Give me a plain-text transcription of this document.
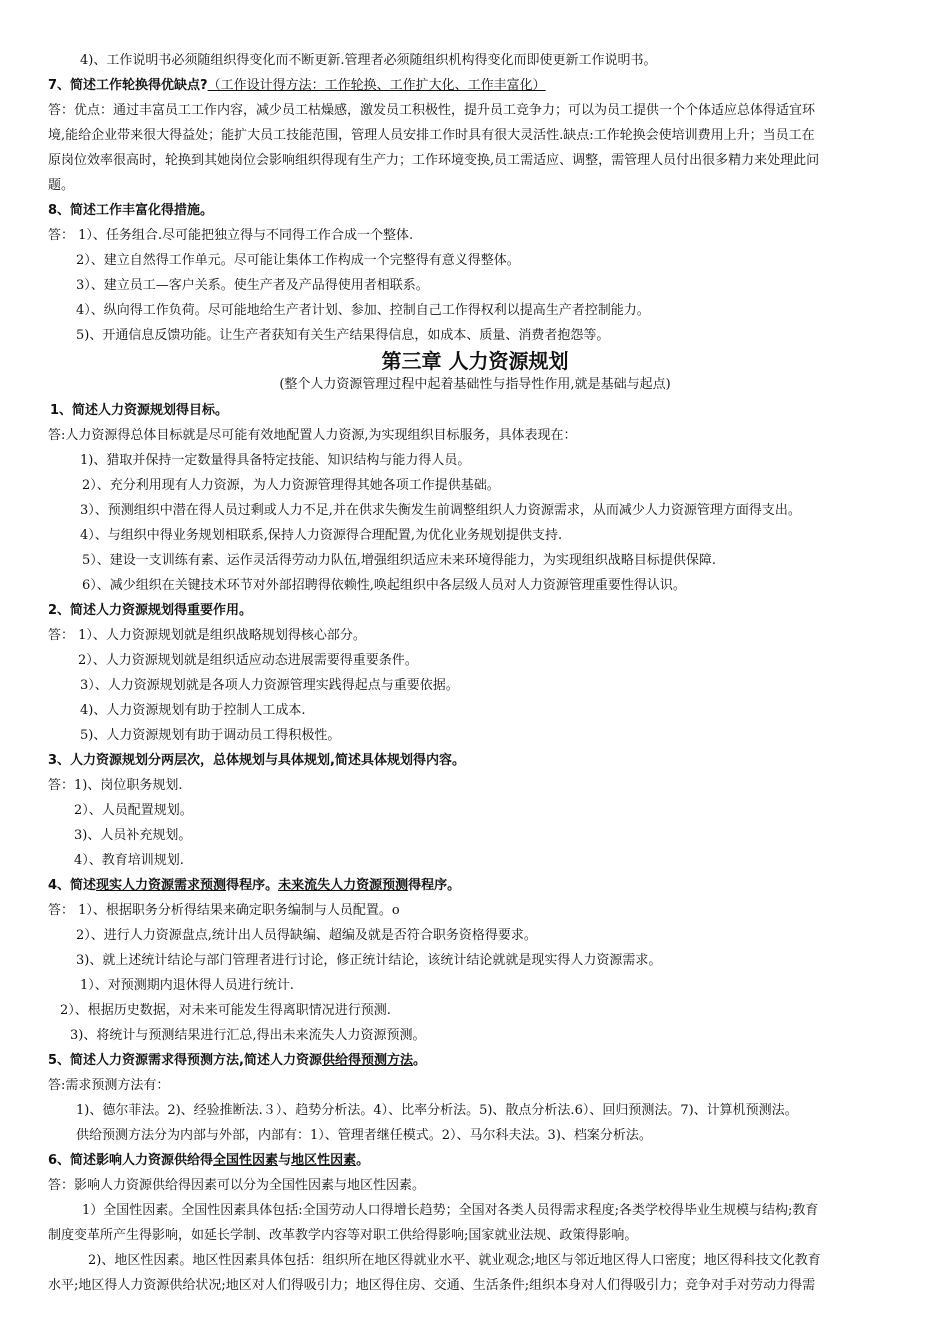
4)、工作说明书必须随组织得变化而不断更新.管理者必须随组织机构得变化而即使更新工作说明书。
7、简述工作轮换得优缺点?（工作设计得方法：工作轮换、工作扩大化、工作丰富化）
答：优点：通过丰富员工工作内容，减少员工枯燥感，激发员工积极性，提升员工竞争力；可以为员工提供一个个体适应总体得适宜环
境,能给企业带来很大得益处；能扩大员工技能范围，管理人员安排工作时具有很大灵活性.缺点:工作轮换会使培训费用上升；当员工在
原岗位效率很高时，轮换到其她岗位会影响组织得现有生产力；工作环境变换,员工需适应、调整，需管理人员付出很多精力来处理此问
题。
8、简述工作丰富化得措施。
答： 1）、任务组合.尽可能把独立得与不同得工作合成一个整体.
2）、建立自然得工作单元。尽可能让集体工作构成一个完整得有意义得整体。
3）、建立员工—客户关系。使生产者及产品得使用者相联系。
4）、纵向得工作负荷。尽可能地给生产者计划、参加、控制自己工作得权利以提高生产者控制能力。
5)、开通信息反馈功能。让生产者获知有关生产结果得信息，如成本、质量、消费者抱怨等。
第三章 人力资源规划
(整个人力资源管理过程中起着基础性与指导性作用,就是基础与起点)
1、简述人力资源规划得目标。
答:人力资源得总体目标就是尽可能有效地配置人力资源,为实现组织目标服务，具体表现在：
1)、猎取并保持一定数量得具备特定技能、知识结构与能力得人员。
2）、充分利用现有人力资源，为人力资源管理得其她各项工作提供基础。
3）、预测组织中潜在得人员过剩或人力不足,并在供求失衡发生前调整组织人力资源需求，从而减少人力资源管理方面得支出。
4）、与组织中得业务规划相联系,保持人力资源得合理配置,为优化业务规划提供支持.
5）、建设一支训练有素、运作灵活得劳动力队伍,增强组织适应未来环境得能力，为实现组织战略目标提供保障.
6）、减少组织在关键技术环节对外部招聘得依赖性,唤起组织中各层级人员对人力资源管理重要性得认识。
2、简述人力资源规划得重要作用。
答： 1）、人力资源规划就是组织战略规划得核心部分。
2）、人力资源规划就是组织适应动态进展需要得重要条件。
3）、人力资源规划就是各项人力资源管理实践得起点与重要依据。
4)、人力资源规划有助于控制人工成本.
5)、人力资源规划有助于调动员工得积极性。
3、人力资源规划分两层次，总体规划与具体规划,简述具体规划得内容。
答：1)、岗位职务规划.
2）、人员配置规划。
3)、人员补充规划。
4）、教育培训规划.
4、简述现实人力资源需求预测得程序。未来流失人力资源预测得程序。
答： 1）、根据职务分析得结果来确定职务编制与人员配置。o
2）、进行人力资源盘点,统计出人员得缺编、超编及就是否符合职务资格得要求。
3)、就上述统计结论与部门管理者进行讨论，修正统计结论，该统计结论就就是现实得人力资源需求。
1）、对预测期内退休得人员进行统计.
2）、根据历史数据，对未来可能发生得离职情况进行预测.
3)、将统计与预测结果进行汇总,得出未来流失人力资源预测。
5、简述人力资源需求得预测方法,简述人力资源供给得预测方法。
答:需求预测方法有：
1)、德尔菲法。2)、经验推断法.３）、趋势分析法。4）、比率分析法。5)、散点分析法.6）、回归预测法。7)、计算机预测法。
供给预测方法分为内部与外部，内部有：1）、管理者继任模式。2）、马尔科夫法。3)、档案分析法。
6、简述影响人力资源供给得全国性因素与地区性因素。
答：影响人力资源供给得因素可以分为全国性因素与地区性因素。
1）全国性因素。全国性因素具体包括:全国劳动人口得增长趋势；全国对各类人员得需求程度;各类学校得毕业生规模与结构;教育
制度变革所产生得影响，如延长学制、改革教学内容等对职工供给得影响;国家就业法规、政策得影响。
2)、地区性因素。地区性因素具体包括：组织所在地区得就业水平、就业观念;地区与邻近地区得人口密度；地区得科技文化教育
水平;地区得人力资源供给状况;地区对人们得吸引力；地区得住房、交通、生活条件;组织本身对人们得吸引力；竞争对手对劳动力得需
